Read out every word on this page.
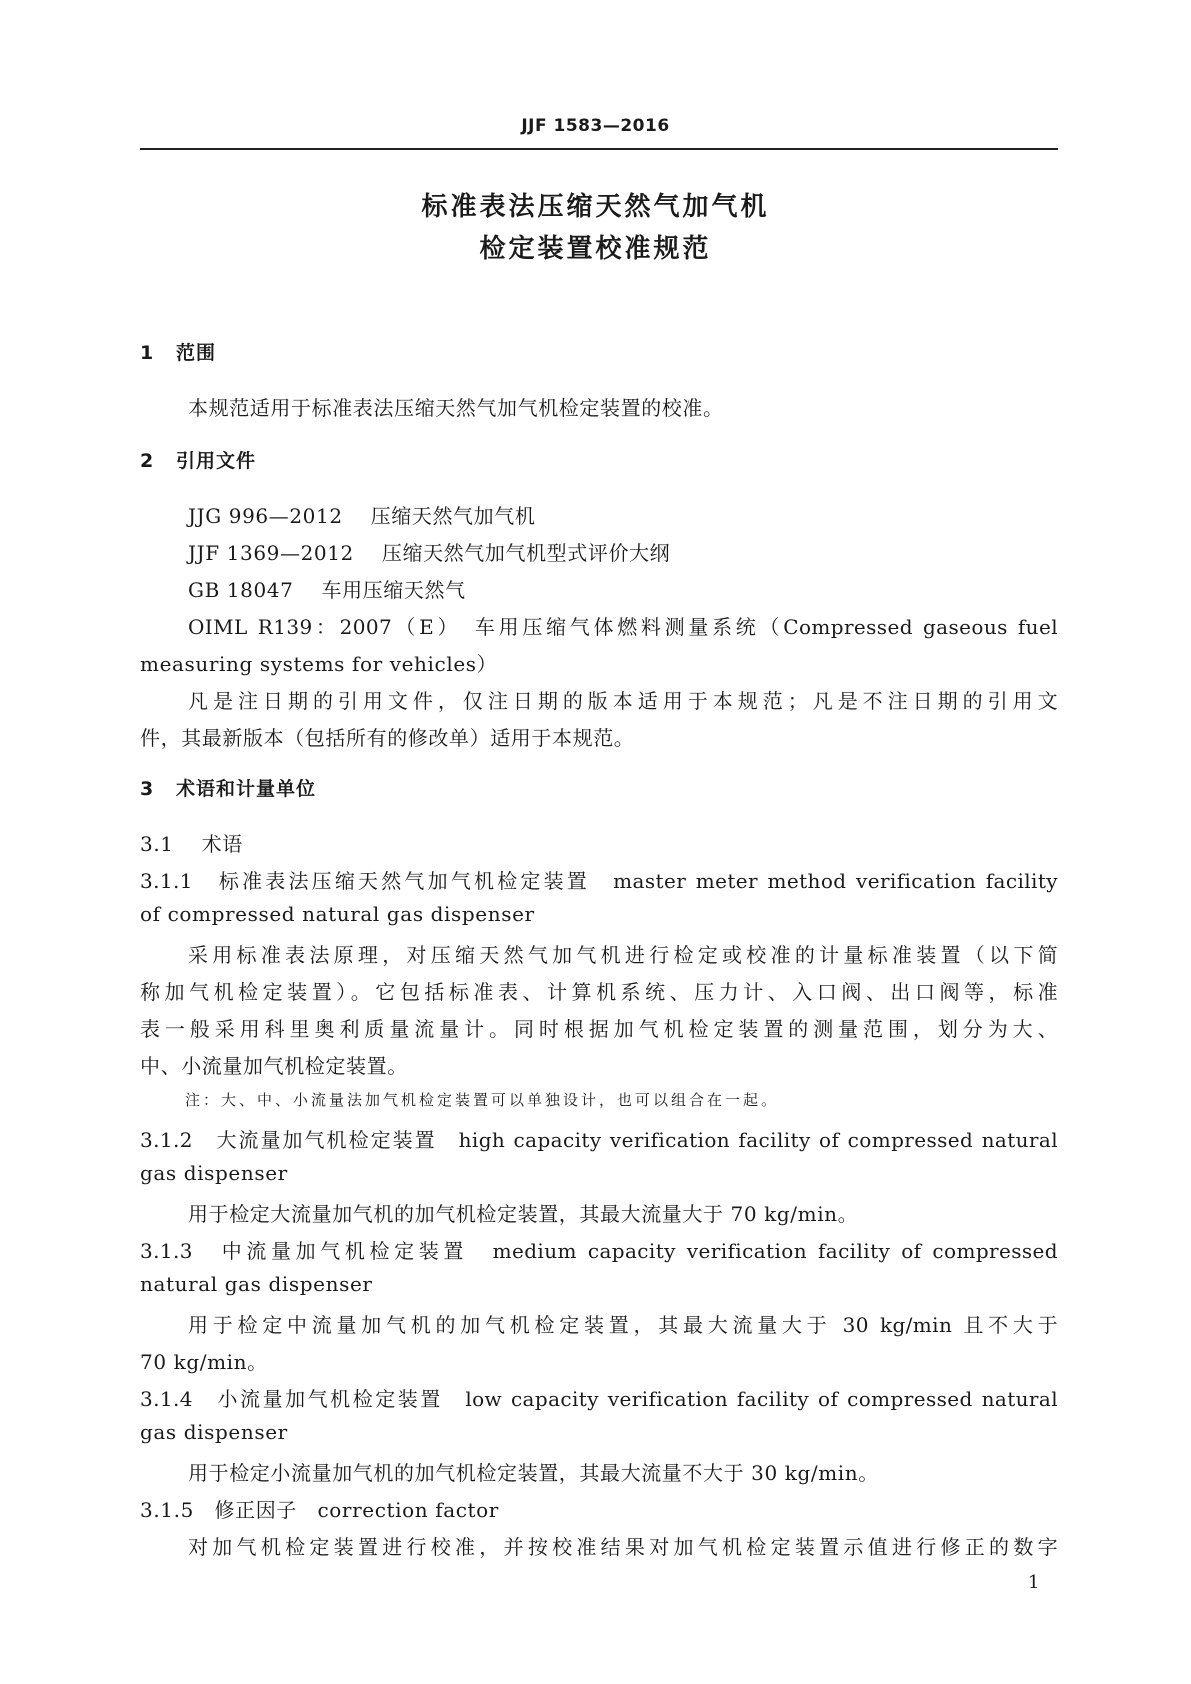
JJF 1583—2016
标准表法压缩天然气加气机
检定装置校准规范
1 范围
本规范适用于标准表法压缩天然气加气机检定装置的校准。
2 引用文件
JJG 996—2012 压缩天然气加气机
JJF 1369—2012 压缩天然气加气机型式评价大纲
GB 18047 车用压缩天然气
OIML R139：2007（E）　车用压缩气体燃料测量系统（Compressed gaseous fuel
measuring systems for vehicles）
凡是注日期的引用文件，仅注日期的版本适用于本规范；凡是不注日期的引用文
件，其最新版本（包括所有的修改单）适用于本规范。
3 术语和计量单位
3.1 术语
3.1.1　标准表法压缩天然气加气机检定装置　master meter method verification facility
of compressed natural gas dispenser
采用标准表法原理，对压缩天然气加气机进行检定或校准的计量标准装置（以下简
称加气机检定装置）。它包括标准表、计算机系统、压力计、入口阀、出口阀等，标准
表一般采用科里奥利质量流量计。同时根据加气机检定装置的测量范围，划分为大、
中、小流量加气机检定装置。
注：大、中、小流量法加气机检定装置可以单独设计，也可以组合在一起。
3.1.2　大流量加气机检定装置　high capacity verification facility of compressed natural
gas dispenser
用于检定大流量加气机的加气机检定装置，其最大流量大于 70 kg/min。
3.1.3　中流量加气机检定装置　medium capacity verification facility of compressed
natural gas dispenser
用于检定中流量加气机的加气机检定装置，其最大流量大于 30 kg/min 且不大于
70 kg/min。
3.1.4　小流量加气机检定装置　low capacity verification facility of compressed natural
gas dispenser
用于检定小流量加气机的加气机检定装置，其最大流量不大于 30 kg/min。
3.1.5　修正因子　correction factor
对加气机检定装置进行校准，并按校准结果对加气机检定装置示值进行修正的数字
1
